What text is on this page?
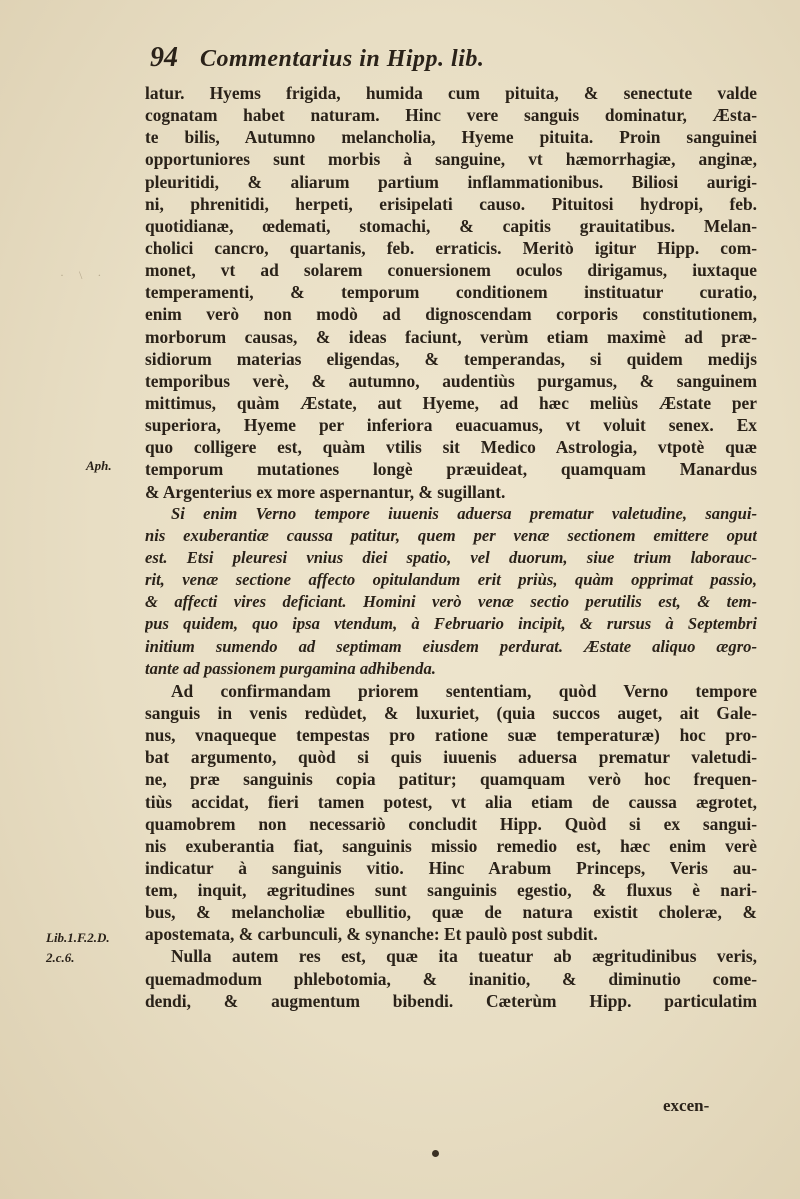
94 Commentarius in Hipp. lib.
· \ ·
Aph.
Lib.1.F.2.D.
2.c.6.
latur. Hyems frigida, humida cum pituita, & senectute valde
cognatam habet naturam. Hinc vere sanguis dominatur, Æsta-
te bilis, Autumno melancholia, Hyeme pituita. Proin sanguinei
opportuniores sunt morbis à sanguine, vt hæmorrhagiæ, anginæ,
pleuritidi, & aliarum partium inflammationibus. Biliosi aurigi-
ni, phrenitidi, herpeti, erisipelati causo. Pituitosi hydropi, feb.
quotidianæ, œdemati, stomachi, & capitis grauitatibus. Melan-
cholici cancro, quartanis, feb. erraticis. Meritò igitur Hipp. com-
monet, vt ad solarem conuersionem oculos dirigamus, iuxtaque
temperamenti, & temporum conditionem instituatur curatio,
enim verò non modò ad dignoscendam corporis constitutionem,
morborum causas, & ideas faciunt, verùm etiam maximè ad præ-
sidiorum materias eligendas, & temperandas, si quidem medijs
temporibus verè, & autumno, audentiùs purgamus, & sanguinem
mittimus, quàm Æstate, aut Hyeme, ad hæc meliùs Æstate per
superiora, Hyeme per inferiora euacuamus, vt voluit senex. Ex
quo colligere est, quàm vtilis sit Medico Astrologia, vtpotè quæ
temporum mutationes longè præuideat, quamquam Manardus
& Argenterius ex more aspernantur, & sugillant.
Si enim Verno tempore iuuenis aduersa prematur valetudine, sangui-
nis exuberantiæ caussa patitur, quem per venæ sectionem emittere oput
est. Etsi pleuresi vnius diei spatio, vel duorum, siue trium laborauc-
rit, venæ sectione affecto opitulandum erit priùs, quàm opprimat passio,
& affecti vires deficiant. Homini verò venæ sectio perutilis est, & tem-
pus quidem, quo ipsa vtendum, à Februario incipit, & rursus à Septembri
initium sumendo ad septimam eiusdem perdurat. Æstate aliquo ægro-
tante ad passionem purgamina adhibenda.
Ad confirmandam priorem sententiam, quòd Verno tempore
sanguis in venis redùdet, & luxuriet, (quia succos auget, ait Gale-
nus, vnaqueque tempestas pro ratione suæ temperaturæ) hoc pro-
bat argumento, quòd si quis iuuenis aduersa prematur valetudi-
ne, præ sanguinis copia patitur; quamquam verò hoc frequen-
tiùs accidat, fieri tamen potest, vt alia etiam de caussa ægrotet,
quamobrem non necessariò concludit Hipp. Quòd si ex sangui-
nis exuberantia fiat, sanguinis missio remedio est, hæc enim verè
indicatur à sanguinis vitio. Hinc Arabum Princeps, Veris au-
tem, inquit, ægritudines sunt sanguinis egestio, & fluxus è nari-
bus, & melancholiæ ebullitio, quæ de natura existit choleræ, &
apostemata, & carbunculi, & synanche: Et paulò post subdit.
Nulla autem res est, quæ ita tueatur ab ægritudinibus veris,
quemadmodum phlebotomia, & inanitio, & diminutio come-
dendi, & augmentum bibendi. Cæterùm Hipp. particulatim
excen-
